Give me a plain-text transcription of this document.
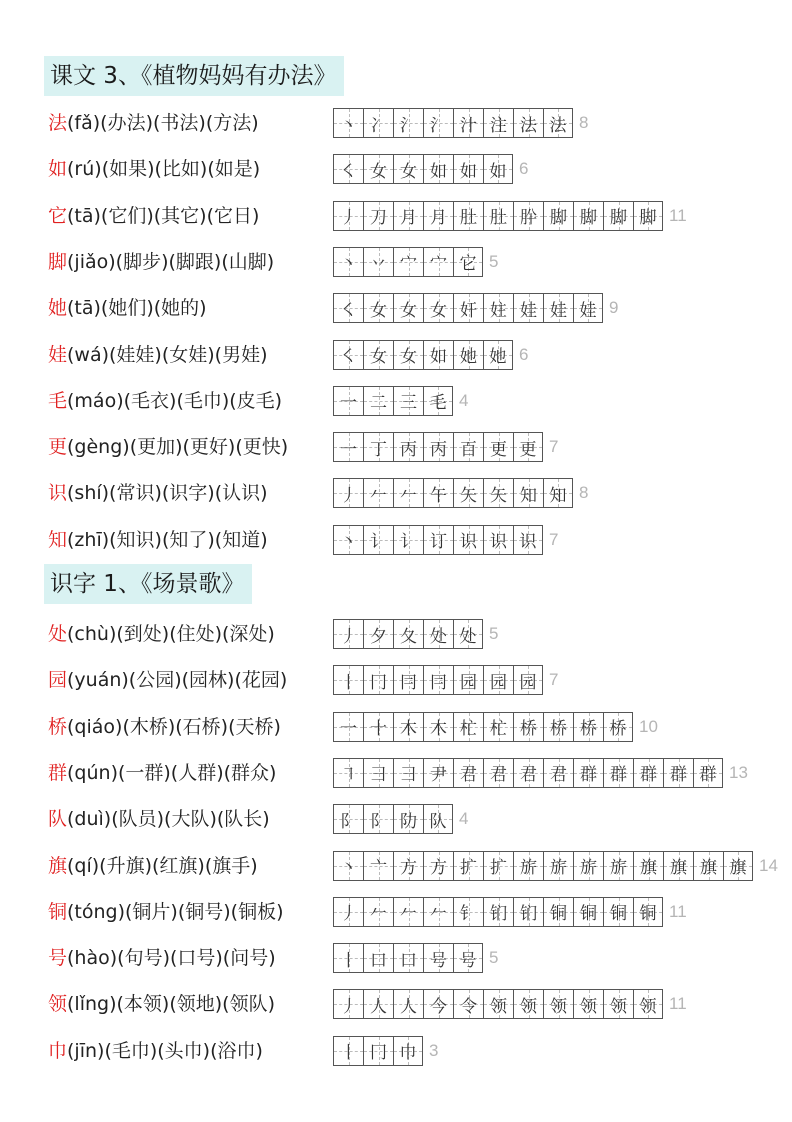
课文 3、《植物妈妈有办法》
法(fǎ)(办法)(书法)(方法)	丶 冫 氵 氵 汁 注 法 法 8
如(rú)(如果)(比如)(如是)	㇛ 女 女 如 如 如 6
它(tā)(它们)(其它)(它日)	丿 刀 月 月 肚 肚 肸 脚 脚 脚 脚 11
脚(jiǎo)(脚步)(脚跟)(山脚)	丶 丷 宀 宀 它 5
她(tā)(她们)(她的)	㇛ 女 女 女 奸 妵 娃 娃 娃 9
娃(wá)(娃娃)(女娃)(男娃)	㇛ 女 女 如 她 她 6
毛(máo)(毛衣)(毛巾)(皮毛)	一 二 三 毛 4
更(gèng)(更加)(更好)(更快)	一 丁 丙 丙 百 更 更 7
识(shí)(常识)(识字)(认识)	丿 𠂉 𠂉 午 矢 矢 知 知 8
知(zhī)(知识)(知了)(知道)	丶 讠 讠 订 识 识 识 7
识字 1、《场景歌》
处(chù)(到处)(住处)(深处)	丿 夕 夂 处 处 5
园(yuán)(公园)(园林)(花园)	丨 冂 冃 冃 园 园 园 7
桥(qiáo)(木桥)(石桥)(天桥)	一 十 木 木 杧 杧 桥 桥 桥 桥 10
群(qún)(一群)(人群)(群众)	㇕ 彐 彐 尹 君 君 君 君 群 群 群 群 群 13
队(duì)(队员)(大队)(队长)	阝 阝 阞 队 4
旗(qí)(升旗)(红旗)(旗手)	丶 亠 方 方 扩 扩 旂 旂 旂 旂 旗 旗 旗 旗 14
铜(tóng)(铜片)(铜号)(铜板)	丿 𠂉 𠂉 𠂉 钅 钔 钔 铜 铜 铜 铜 11
号(hào)(句号)(口号)(问号)	丨 口 口 号 号 5
领(lǐng)(本领)(领地)(领队)	丿 人 人 今 令 领 领 领 领 领 领 11
巾(jīn)(毛巾)(头巾)(浴巾)	丨 冂 巾 3
